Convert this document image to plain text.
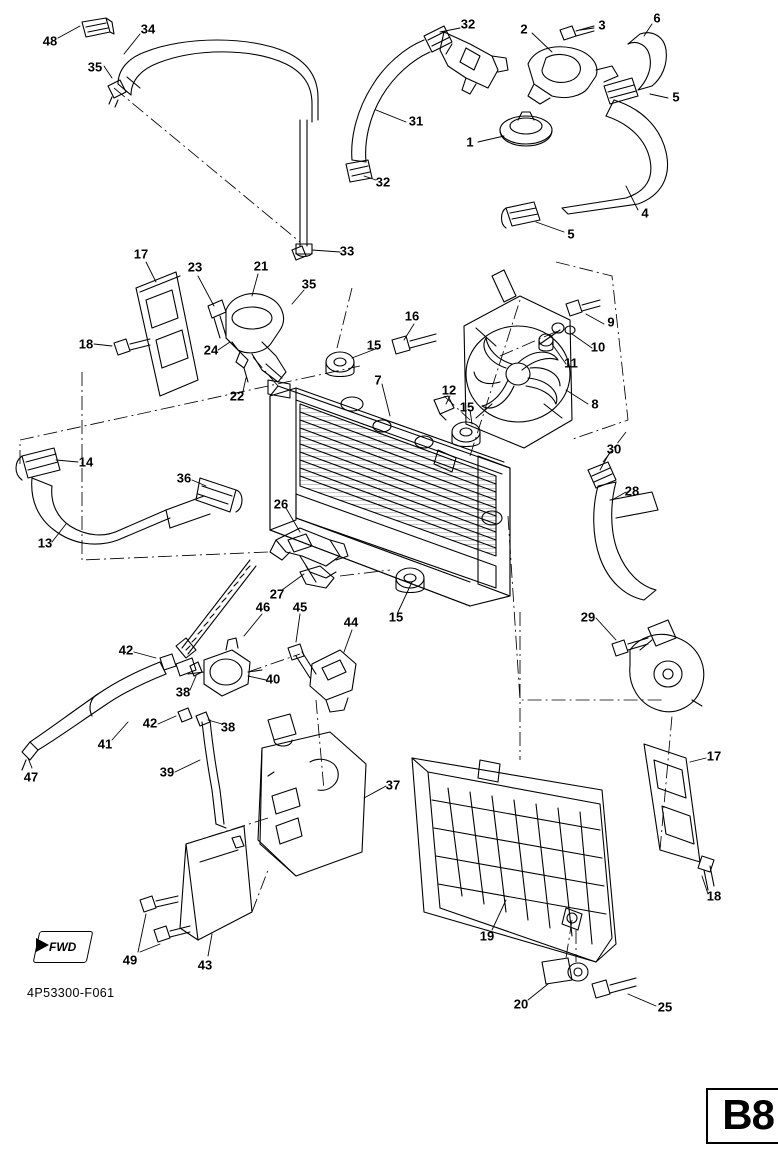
48
34	32	2	3	6
35
5
31
1
32
4
5
33
17
23	21
35
9
16
10
24
18	15
11
7
12
22
8
15
30
14
28
36
26
13
27
29
46 45
44 15
42
40
38
42	38
41
47	39
17
37
18
49	43
19
20	25
FWD
4P53300-F061
B8
